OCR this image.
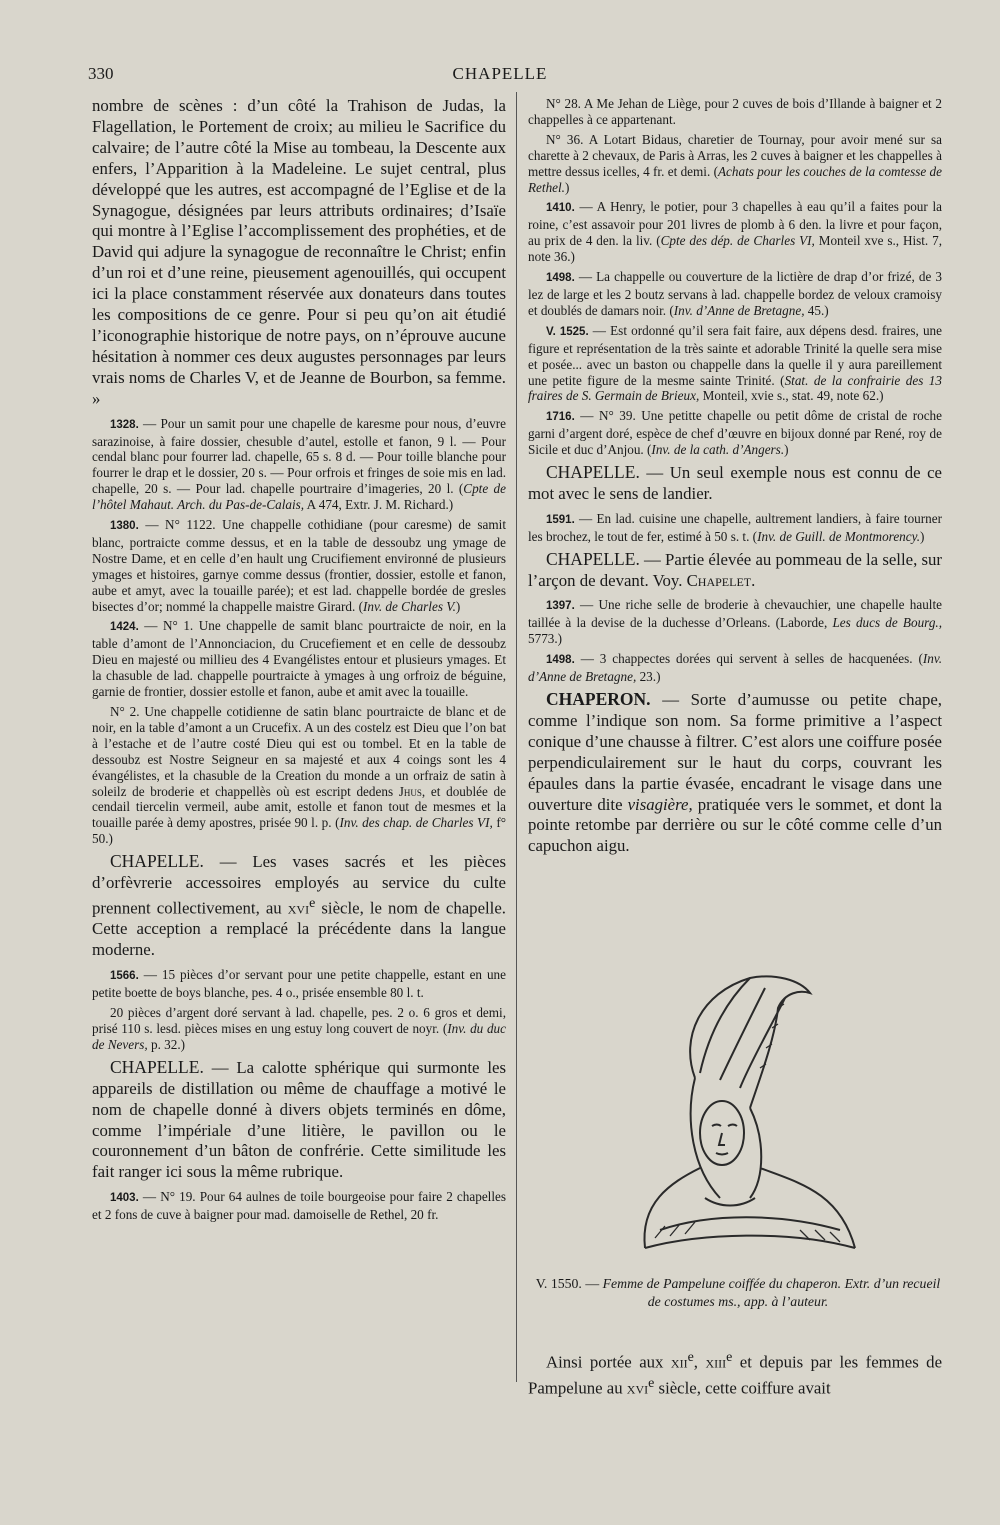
330	CHAPELLE

nombre de scènes : d’un côté la Trahison de Judas, la Flagellation, le Portement de croix; au milieu le Sacrifice du calvaire; de l’autre côté la Mise au tombeau, la Descente aux enfers, l’Apparition à la Madeleine. Le sujet central, plus développé que les autres, est accompagné de l’Eglise et de la Synagogue, désignées par leurs attributs ordinaires; d’Isaïe qui montre à l’Eglise l’accomplissement des prophéties, et de David qui adjure la synagogue de reconnaître le Christ; enfin d’un roi et d’une reine, pieusement agenouillés, qui occupent ici la place constamment réservée aux donateurs dans toutes les compositions de ce genre. Pour si peu qu’on ait étudié l’iconographie historique de notre pays, on n’éprouve aucune hésitation à nommer ces deux augustes personnages par leurs vrais noms de Charles V, et de Jeanne de Bourbon, sa femme. »

1328. — Pour un samit pour une chapelle de karesme pour nous, d’euvre sarazinoise, à faire dossier, chesuble d’autel, estolle et fanon, 9 l. — Pour cendal blanc pour fourrer lad. chapelle, 65 s. 8 d. — Pour toille blanche pour fourrer le drap et le dossier, 20 s. — Pour orfrois et fringes de soie mis en lad. chapelle, 20 s. — Pour lad. chapelle pourtraire d’imageries, 20 l. (Cpte de l’hôtel Mahaut. Arch. du Pas-de-Calais, A 474, Extr. J. M. Richard.)

1380. — N° 1122. Une chappelle cothidiane (pour caresme) de samit blanc, portraicte comme dessus, et en la table de dessoubz ung ymage de Nostre Dame, et en celle d’en hault ung Crucifiement environné de plusieurs ymages et histoires, garnye comme dessus (frontier, dossier, estolle et fanon, aube et amyt, avec la touaille parée); et est lad. chappelle bordée de gresles bisectes d’or; nommé la chappelle maistre Girard. (Inv. de Charles V.)

1424. — N° 1. Une chappelle de samit blanc pourtraicte de noir, en la table d’amont de l’Annonciacion, du Crucefiement et en celle de dessoubz Dieu en majesté ou millieu des 4 Evangélistes entour et plusieurs ymages. Et la chasuble de lad. chappelle pourtraicte à ymages à ung orfroiz de béguine, garnie de frontier, dossier estolle et fanon, aube et amit avec la touaille.

N° 2. Une chappelle cotidienne de satin blanc pourtraicte de blanc et de noir, en la table d’amont a un Crucefix. A un des costelz est Dieu que l’on bat à l’estache et de l’autre costé Dieu qui est ou tombel. Et en la table de dessoubz est Nostre Seigneur en sa majesté et aux 4 coings sont les 4 évangélistes, et la chasuble de la Creation du monde a un orfraiz de satin à soleilz de broderie et chappellès où est escript dedens Jhus, et doublée de cendail tiercelin vermeil, aube amit, estolle et fanon tout de mesmes et la touaille parée à demy apostres, prisée 90 l. p. (Inv. des chap. de Charles VI, f° 50.)

CHAPELLE. — Les vases sacrés et les pièces d’orfèvrerie accessoires employés au service du culte prennent collectivement, au xvi$^e$ siècle, le nom de chapelle. Cette acception a remplacé la précédente dans la langue moderne.

1566. — 15 pièces d’or servant pour une petite chappelle, estant en une petite boette de boys blanche, pes. 4 o., prisée ensemble 80 l. t.

20 pièces d’argent doré servant à lad. chapelle, pes. 2 o. 6 gros et demi, prisé 110 s. lesd. pièces mises en ung estuy long couvert de noyr. (Inv. du duc de Nevers, p. 32.)

CHAPELLE. — La calotte sphérique qui surmonte les appareils de distillation ou même de chauffage a motivé le nom de chapelle donné à divers objets terminés en dôme, comme l’impériale d’une litière, le pavillon ou le couronnement d’un bâton de confrérie. Cette similitude les fait ranger ici sous la même rubrique.

1403. — N° 19. Pour 64 aulnes de toile bourgeoise pour faire 2 chapelles et 2 fons de cuve à baigner pour mad. damoiselle de Rethel, 20 fr.

N° 28. A Me Jehan de Liège, pour 2 cuves de bois d’Illande à baigner et 2 chappelles à ce appartenant.

N° 36. A Lotart Bidaus, charetier de Tournay, pour avoir mené sur sa charette à 2 chevaux, de Paris à Arras, les 2 cuves à baigner et les chappelles à mettre dessus icelles, 4 fr. et demi. (Achats pour les couches de la comtesse de Rethel.)

1410. — A Henry, le potier, pour 3 chapelles à eau qu’il a faites pour la roine, c’est assavoir pour 201 livres de plomb à 6 den. la livre et pour façon, au prix de 4 den. la liv. (Cpte des dép. de Charles VI, Monteil xve s., Hist. 7, note 36.)

1498. — La chappelle ou couverture de la lictière de drap d’or frizé, de 3 lez de large et les 2 boutz servans à lad. chappelle bordez de veloux cramoisy et doublés de damars noir. (Inv. d’Anne de Bretagne, 45.)

V. 1525. — Est ordonné qu’il sera fait faire, aux dépens desd. fraires, une figure et représentation de la très sainte et adorable Trinité la quelle sera mise et posée... avec un baston ou chappelle dans la quelle il y aura pareillement une petite figure de la mesme sainte Trinité. (Stat. de la confrairie des 13 fraires de S. Germain de Brieux, Monteil, xvie s., stat. 49, note 62.)

1716. — N° 39. Une petitte chapelle ou petit dôme de cristal de roche garni d’argent doré, espèce de chef d’œuvre en bijoux donné par René, roy de Sicile et duc d’Anjou. (Inv. de la cath. d’Angers.)

CHAPELLE. — Un seul exemple nous est connu de ce mot avec le sens de landier.

1591. — En lad. cuisine une chapelle, aultrement landiers, à faire tourner les brochez, le tout de fer, estimé à 50 s. t. (Inv. de Guill. de Montmorency.)

CHAPELLE. — Partie élevée au pommeau de la selle, sur l’arçon de devant. Voy. Chapelet.

1397. — Une riche selle de broderie à chevauchier, une chapelle haulte taillée à la devise de la duchesse d’Orleans. (Laborde, Les ducs de Bourg., 5773.)

1498. — 3 chappectes dorées qui servent à selles de hacquenées. (Inv. d’Anne de Bretagne, 23.)

CHAPERON. — Sorte d’aumusse ou petite chape, comme l’indique son nom. Sa forme primitive a l’aspect conique d’une chausse à filtrer. C’est alors une coiffure posée perpendiculairement sur le haut du corps, couvrant les épaules dans la partie évasée, encadrant le visage dans une ouverture dite visagière, pratiquée vers le sommet, et dont la pointe retombe par derrière ou sur le côté comme celle d’un capuchon aigu.

V. 1550. — Femme de Pampelune coiffée du chaperon. Extr. d’un recueil de costumes ms., app. à l’auteur.

Ainsi portée aux xii$^e$, xiii$^e$ et depuis par les femmes de Pampelune au xvi$^e$ siècle, cette coiffure avait
